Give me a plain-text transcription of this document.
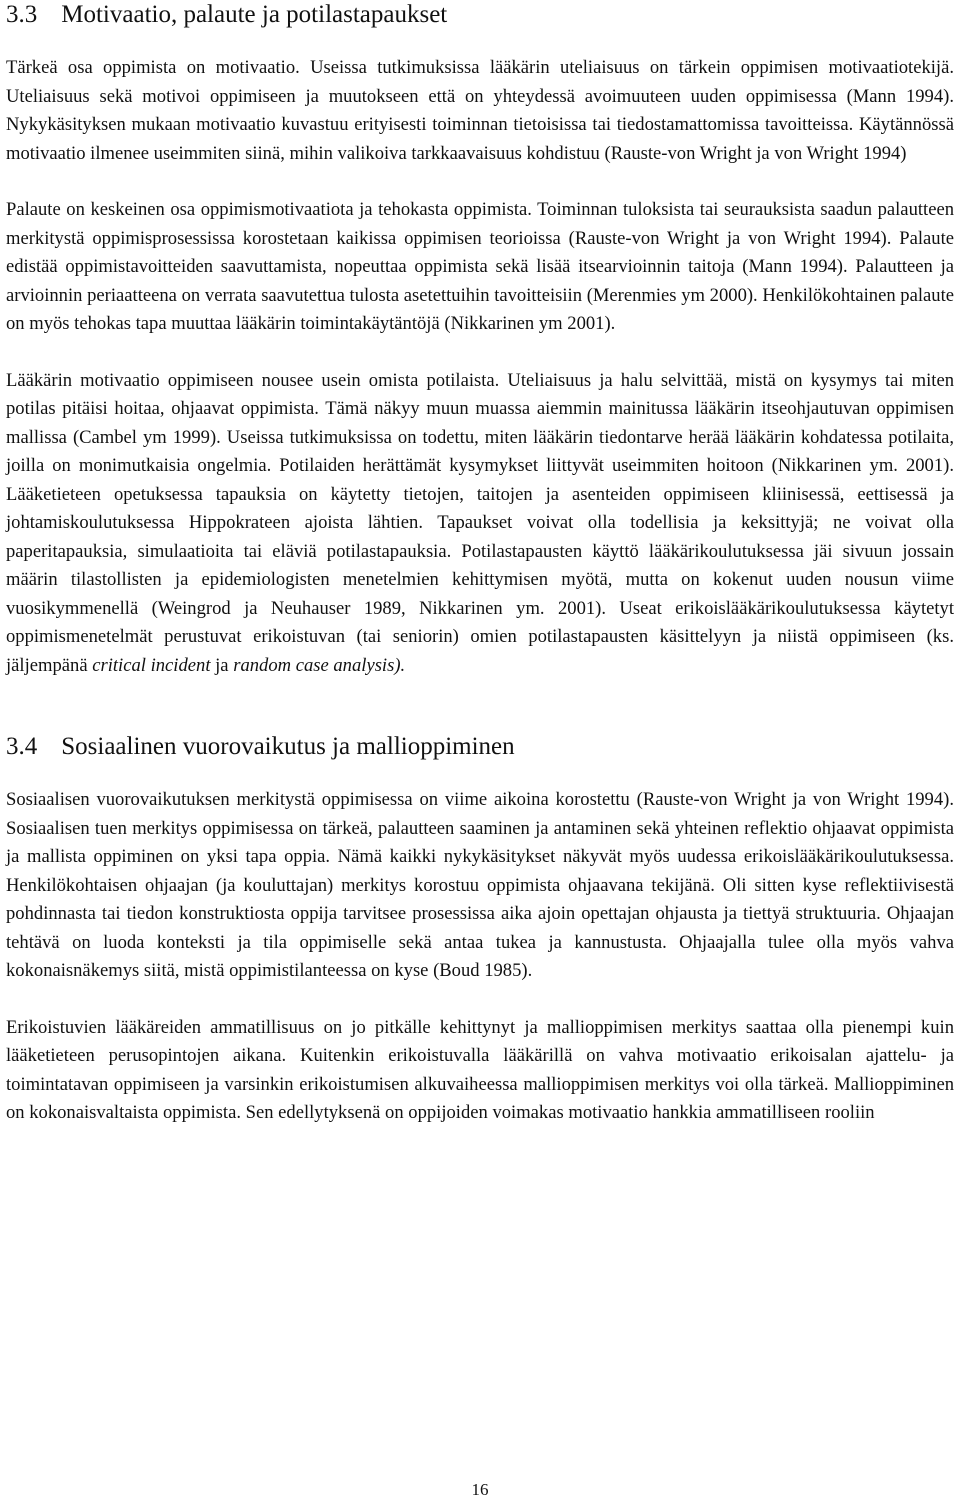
3.3 Motivaatio, palaute ja potilastapaukset

Tärkeä osa oppimista on motivaatio. Useissa tutkimuksissa lääkärin uteliaisuus on tärkein oppimisen motivaatiotekijä. Uteliaisuus sekä motivoi oppimiseen ja muutokseen että on yhteydessä avoimuuteen uuden oppimisessa (Mann 1994). Nykykäsityksen mukaan motivaatio kuvastuu erityisesti toiminnan tietoisissa tai tiedostamattomissa tavoitteissa. Käytännössä motivaatio ilmenee useimmiten siinä, mihin valikoiva tarkkaavaisuus kohdistuu (Rauste-von Wright ja von Wright 1994)

Palaute on keskeinen osa oppimismotivaatiota ja tehokasta oppimista. Toiminnan tuloksista tai seurauksista saadun palautteen merkitystä oppimisprosessissa korostetaan kaikissa oppimisen teorioissa (Rauste-von Wright ja von Wright 1994). Palaute edistää oppimistavoitteiden saavuttamista, nopeuttaa oppimista sekä lisää itsearvioinnin taitoja (Mann 1994). Palautteen ja arvioinnin periaatteena on verrata saavutettua tulosta asetettuihin tavoitteisiin (Merenmies ym 2000). Henkilökohtainen palaute on myös tehokas tapa muuttaa lääkärin toimintakäytäntöjä (Nikkarinen ym 2001).

Lääkärin motivaatio oppimiseen nousee usein omista potilaista. Uteliaisuus ja halu selvittää, mistä on kysymys tai miten potilas pitäisi hoitaa, ohjaavat oppimista. Tämä näkyy muun muassa aiemmin mainitussa lääkärin itseohjautuvan oppimisen mallissa (Cambel ym 1999). Useissa tutkimuksissa on todettu, miten lääkärin tiedontarve herää lääkärin kohdatessa potilaita, joilla on monimutkaisia ongelmia. Potilaiden herättämät kysymykset liittyvät useimmiten hoitoon (Nikkarinen ym. 2001). Lääketieteen opetuksessa tapauksia on käytetty tietojen, taitojen ja asenteiden oppimiseen kliinisessä, eettisessä ja johtamiskoulutuksessa Hippokrateen ajoista lähtien. Tapaukset voivat olla todellisia ja keksittyjä; ne voivat olla paperitapauksia, simulaatioita tai eläviä potilastapauksia. Potilastapausten käyttö lääkärikoulutuksessa jäi sivuun jossain määrin tilastollisten ja epidemiologisten menetelmien kehittymisen myötä, mutta on kokenut uuden nousun viime vuosikymmenellä (Weingrod ja Neuhauser 1989, Nikkarinen ym. 2001). Useat erikoislääkärikoulutuksessa käytetyt oppimismenetelmät perustuvat erikoistuvan (tai seniorin) omien potilastapausten käsittelyyn ja niistä oppimiseen (ks. jäljempänä critical incident ja random case analysis).

3.4 Sosiaalinen vuorovaikutus ja mallioppiminen

Sosiaalisen vuorovaikutuksen merkitystä oppimisessa on viime aikoina korostettu (Rauste-von Wright ja von Wright 1994). Sosiaalisen tuen merkitys oppimisessa on tärkeä, palautteen saaminen ja antaminen sekä yhteinen reflektio ohjaavat oppimista ja mallista oppiminen on yksi tapa oppia. Nämä kaikki nykykäsitykset näkyvät myös uudessa erikoislääkärikoulutuksessa. Henkilökohtaisen ohjaajan (ja kouluttajan) merkitys korostuu oppimista ohjaavana tekijänä. Oli sitten kyse reflektiivisestä pohdinnasta tai tiedon konstruktiosta oppija tarvitsee prosessissa aika ajoin opettajan ohjausta ja tiettyä struktuuria. Ohjaajan tehtävä on luoda konteksti ja tila oppimiselle sekä antaa tukea ja kannustusta. Ohjaajalla tulee olla myös vahva kokonaisnäkemys siitä, mistä oppimistilanteessa on kyse (Boud 1985).

Erikoistuvien lääkäreiden ammatillisuus on jo pitkälle kehittynyt ja mallioppimisen merkitys saattaa olla pienempi kuin lääketieteen perusopintojen aikana. Kuitenkin erikoistuvalla lääkärillä on vahva motivaatio erikoisalan ajattelu- ja toimintatavan oppimiseen ja varsinkin erikoistumisen alkuvaiheessa mallioppimisen merkitys voi olla tärkeä. Mallioppiminen on kokonaisvaltaista oppimista. Sen edellytyksenä on oppijoiden voimakas motivaatio hankkia ammatilliseen rooliin

16
